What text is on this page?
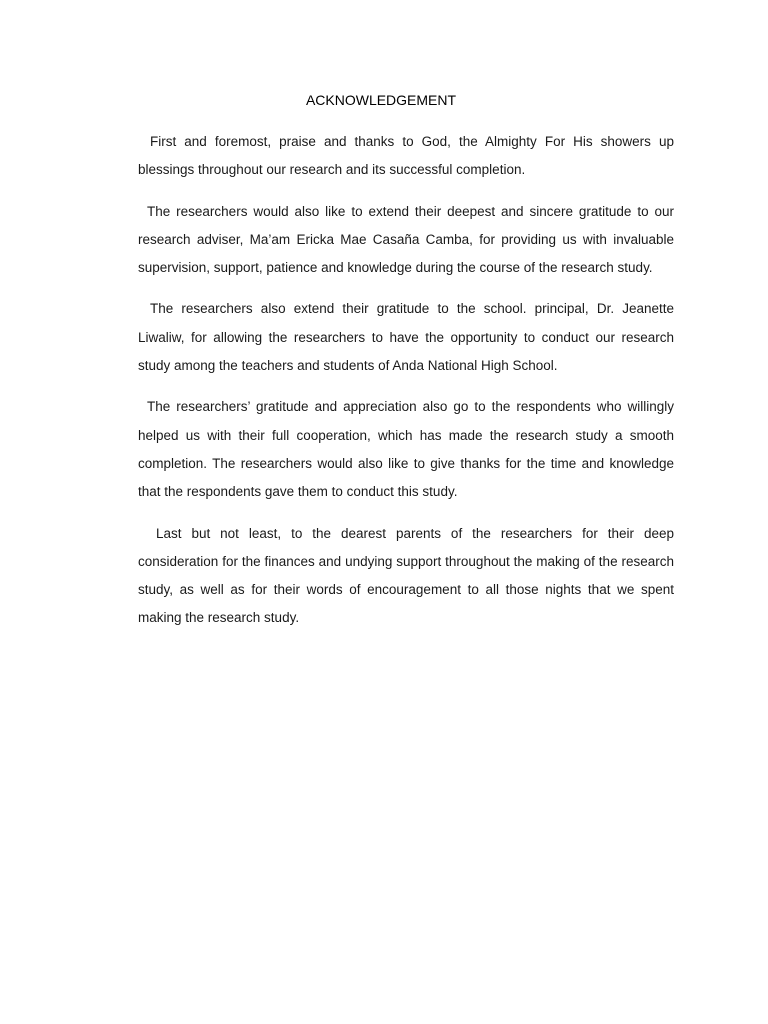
ACKNOWLEDGEMENT

First and foremost, praise and thanks to God, the Almighty For His showers up blessings throughout our research and its successful completion.

The researchers would also like to extend their deepest and sincere gratitude to our research adviser, Ma’am Ericka Mae Casaña Camba, for providing us with invaluable supervision, support, patience and knowledge during the course of the research study.

The researchers also extend their gratitude to the school. principal, Dr. Jeanette Liwaliw, for allowing the researchers to have the opportunity to conduct our research study among the teachers and students of Anda National High School.

The researchers’ gratitude and appreciation also go to the respondents who willingly helped us with their full cooperation, which has made the research study a smooth completion. The researchers would also like to give thanks for the time and knowledge that the respondents gave them to conduct this study.

Last but not least, to the dearest parents of the researchers for their deep consideration for the finances and undying support throughout the making of the research study, as well as for their words of encouragement to all those nights that we spent making the research study.
